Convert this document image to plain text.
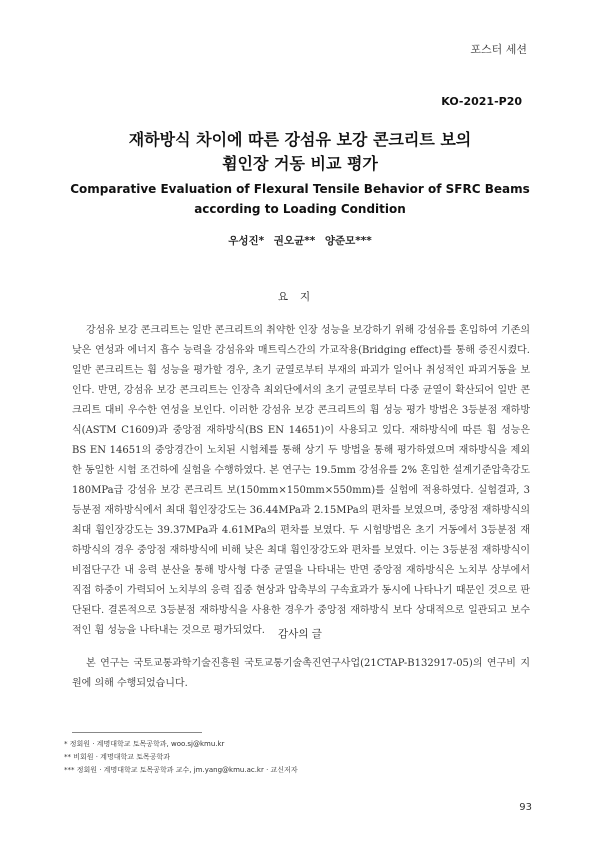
포스터 세션
KO-2021-P20
재하방식 차이에 따른 강섬유 보강 콘크리트 보의
휨인장 거동 비교 평가
Comparative Evaluation of Flexural Tensile Behavior of SFRC Beams
according to Loading Condition
우성진* 권오균** 양준모***
요지
강섬유 보강 콘크리트는 일반 콘크리트의 취약한 인장 성능을 보강하기 위해 강섬유를 혼입하여 기존의 낮은 연성과 에너지 흡수 능력을 강섬유와 매트릭스간의 가교작용(Bridging effect)를 통해 증진시켰다. 일반 콘크리트는 휨 성능을 평가할 경우, 초기 균열로부터 부재의 파괴가 일어나 취성적인 파괴거동을 보인다. 반면, 강섬유 보강 콘크리트는 인장측 최외단에서의 초기 균열로부터 다중 균열이 확산되어 일반 콘크리트 대비 우수한 연성을 보인다. 이러한 강섬유 보강 콘크리트의 휨 성능 평가 방법은 3등분점 재하방식(ASTM C1609)과 중앙점 재하방식(BS EN 14651)이 사용되고 있다. 재하방식에 따른 휨 성능은 BS EN 14651의 중앙경간이 노치된 시험체를 통해 상기 두 방법을 통해 평가하였으며 재하방식을 제외한 동일한 시험 조건하에 실험을 수행하였다. 본 연구는 19.5mm 강섬유를 2% 혼입한 설계기준압축강도 180MPa급 강섬유 보강 콘크리트 보(150mm×150mm×550mm)를 실험에 적용하였다. 실험결과, 3등분점 재하방식에서 최대 휨인장강도는 36.44MPa과 2.15MPa의 편차를 보였으며, 중앙점 재하방식의 최대 휨인장강도는 39.37MPa과 4.61MPa의 편차를 보였다. 두 시험방법은 초기 거동에서 3등분점 재하방식의 경우 중앙점 재하방식에 비해 낮은 최대 휨인장강도와 편차를 보였다. 이는 3등분점 재하방식이 비접단구간 내 응력 분산을 통해 방사형 다중 균열을 나타내는 반면 중앙점 재하방식은 노치부 상부에서 직접 하중이 가력되어 노치부의 응력 집중 현상과 압축부의 구속효과가 동시에 나타나기 때문인 것으로 판단된다. 결론적으로 3등분점 재하방식을 사용한 경우가 중앙점 재하방식 보다 상대적으로 일관되고 보수적인 휨 성능을 나타내는 것으로 평가되었다.	감사의 글
본 연구는 국토교통과학기술진흥원 국토교통기술촉진연구사업(21CTAP-B132917-05)의 연구비 지원에 의해 수행되었습니다.
* 정회원 · 계명대학교 토목공학과, woo.sj@kmu.kr
** 비회원 · 계명대학교 토목공학과
*** 정회원 · 계명대학교 토목공학과 교수, jm.yang@kmu.ac.kr · 교신저자
93
